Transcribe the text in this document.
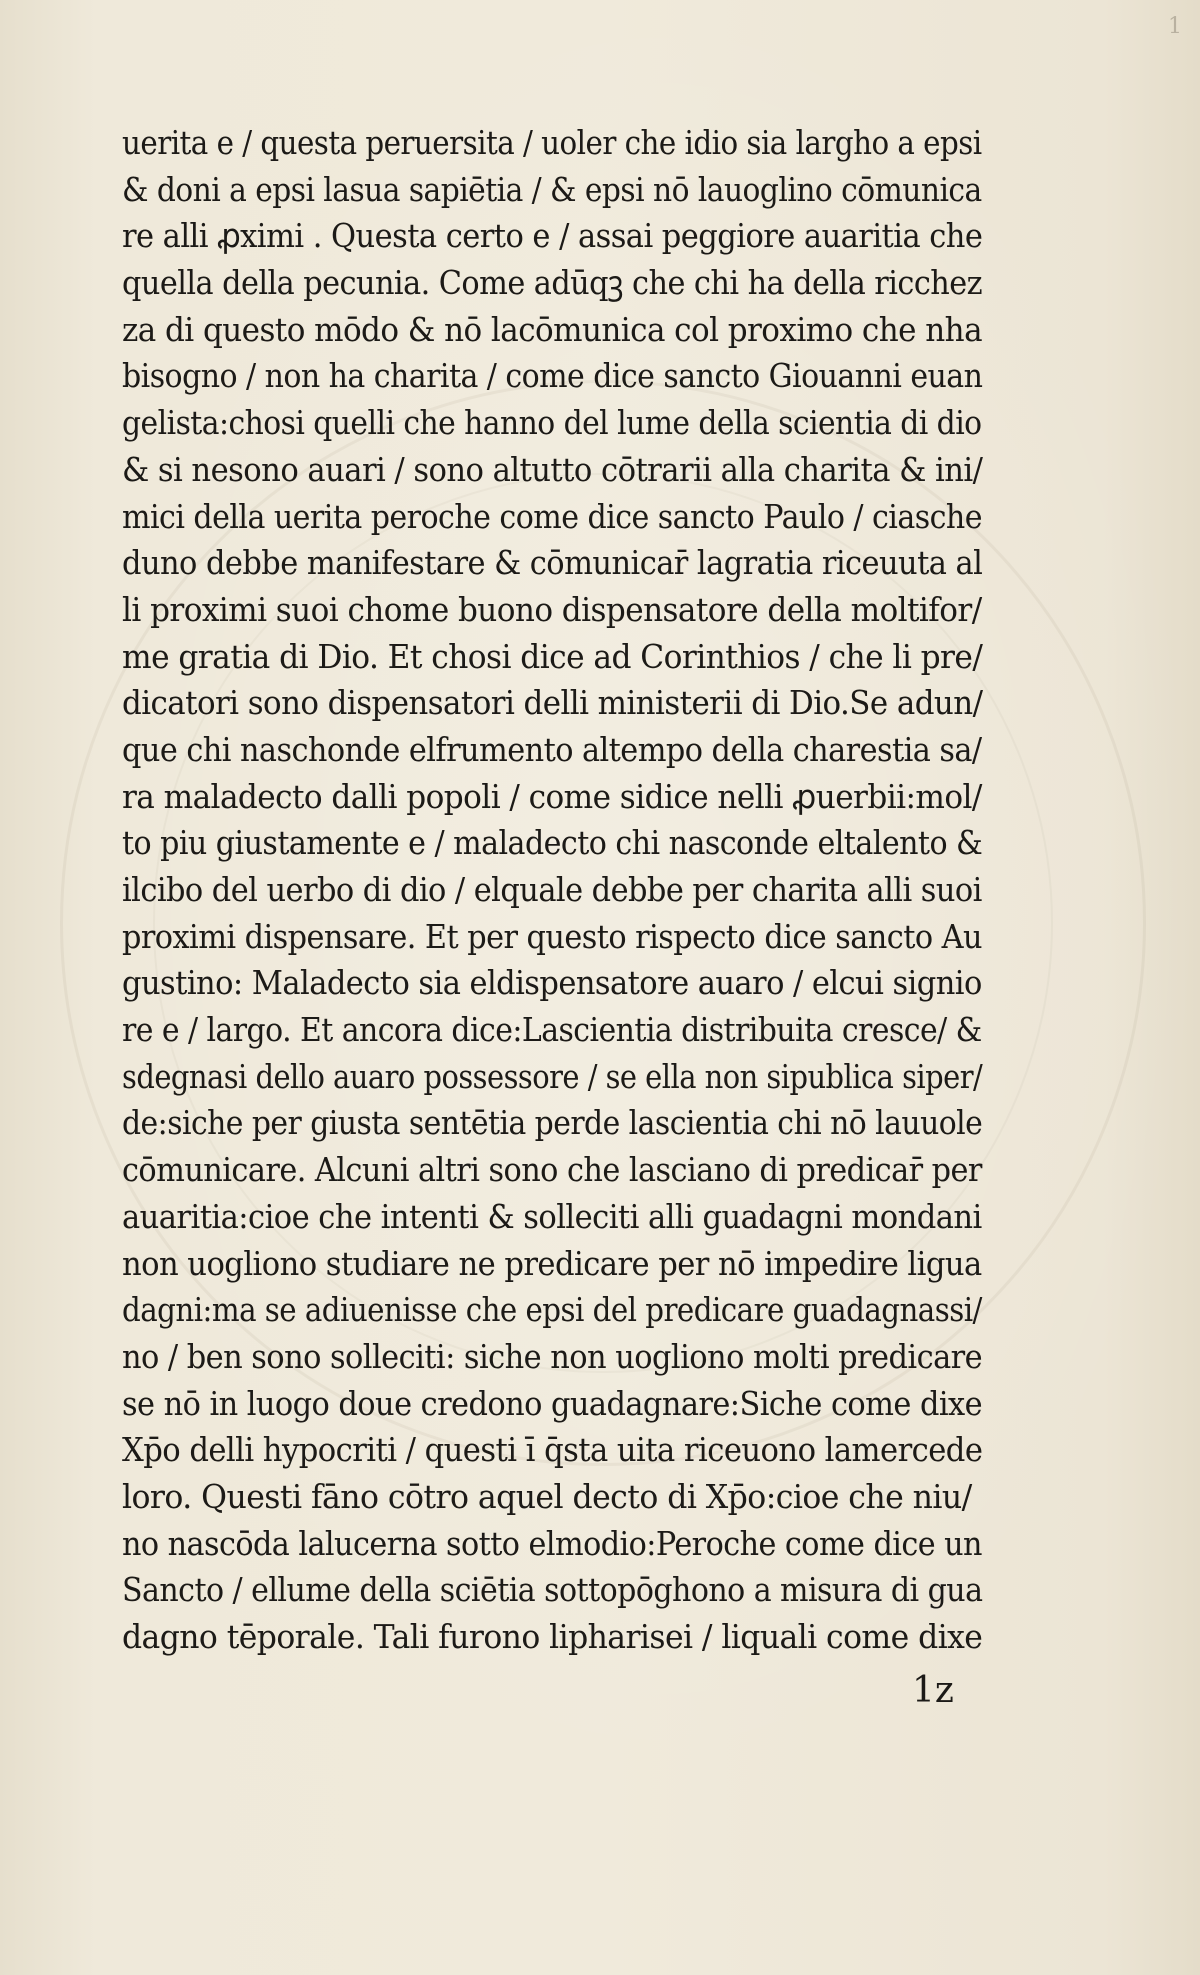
1
uerita e / questa peruersita / uoler che idio sia largho a epsi
& doni a epsi lasua sapiētia / & epsi nō lauoglino cōmunica
re alli ꝓximi . Questa certo e / assai peggiore auaritia che
quella della pecunia. Come adūqꝫ che chi ha della ricchez
za di questo mōdo & nō lacōmunica col proximo che nha
bisogno / non ha charita / come dice sancto Giouanni euan
gelista:chosi quelli che hanno del lume della scientia di dio
& si nesono auari / sono altutto cōtrarii alla charita & ini/
mici della uerita peroche come dice sancto Paulo / ciasche
duno debbe manifestare & cōmunicar̄ lagratia riceuuta al
li proximi suoi chome buono dispensatore della moltifor/
me gratia di Dio. Et chosi dice ad Corinthios / che li pre/
dicatori sono dispensatori delli ministerii di Dio.Se adun/
que chi naschonde elfrumento altempo della charestia sa/
ra maladecto dalli popoli / come sidice nelli ꝓuerbii:mol/
to piu giustamente e / maladecto chi nasconde eltalento &
ilcibo del uerbo di dio / elquale debbe per charita alli suoi
proximi dispensare. Et per questo rispecto dice sancto Au
gustino: Maladecto sia eldispensatore auaro / elcui signio
re e / largo. Et ancora dice:Lascientia distribuita cresce/ &
sdegnasi dello auaro possessore / se ella non sipublica siper/
de:siche per giusta sentētia perde lascientia chi nō lauuole
cōmunicare. Alcuni altri sono che lasciano di predicar̄ per
auaritia:cioe che intenti & solleciti alli guadagni mondani
non uogliono studiare ne predicare per nō impedire ligua
dagni:ma se adiuenisse che epsi del predicare guadagnassi/
no / ben sono solleciti: siche non uogliono molti predicare
se nō in luogo doue credono guadagnare:Siche come dixe
Xp̄o delli hypocriti / questi ī q̄sta uita riceuono lamercede
loro. Questi fāno cōtro aquel decto di Xp̄o:cioe che niu/
no nascōda lalucerna sotto elmodio:Peroche come dice un
Sancto / ellume della sciētia sottopōghono a misura di gua
dagno tēporale. Tali furono lipharisei / liquali come dixe
1z
